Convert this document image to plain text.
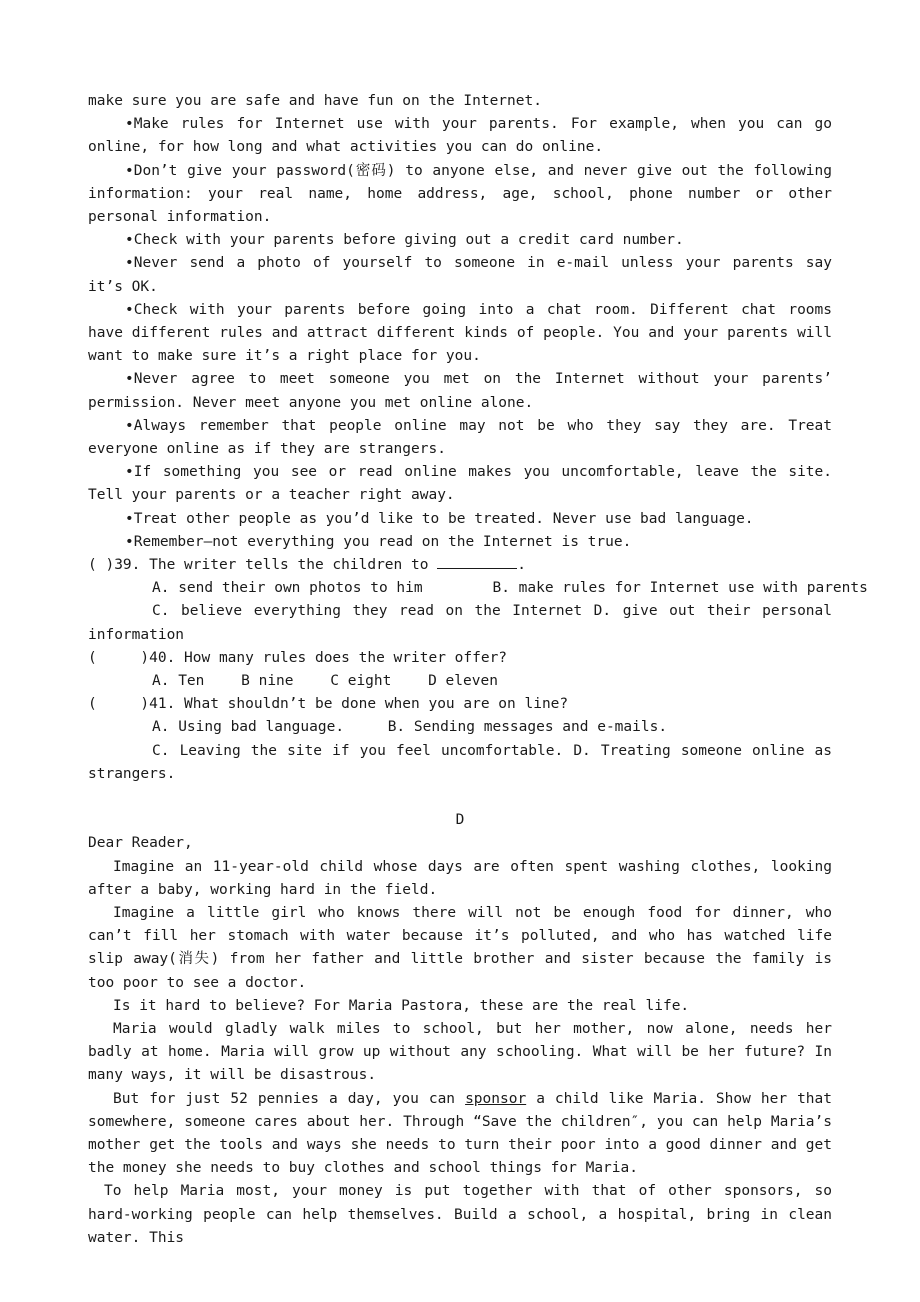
make sure you are safe and have fun on the Internet.

•Make rules for Internet use with your parents. For example, when you can go online, for how long and what activities you can do online.

•Don’t give your password(密码) to anyone else, and never give out the following information: your real name, home address, age, school, phone number or other personal information.

•Check with your parents before giving out a credit card number.

•Never send a photo of yourself to someone in e-mail unless your parents say it’s OK.

•Check with your parents before going into a chat room. Different chat rooms have different rules and attract different kinds of people. You and your parents will want to make sure it’s a right place for you.

•Never agree to meet someone you met on the Internet without your parents’ permission. Never meet anyone you met online alone.

•Always remember that people online may not be who they say they are. Treat everyone online as if they are strangers.

•If something you see or read online makes you uncomfortable, leave the site. Tell your parents or a teacher right away.

•Treat other people as you’d like to be treated. Never use bad language.

•Remember—not everything you read on the Internet is true.

( )39. The writer tells the children to	.

A. send their own photos to him        B. make rules for Internet use with parents

C. believe everything they read on the Internet D. give out their personal information

(     )40. How many rules does the writer offer?

A. Ten	B nine	C eight	D eleven

(     )41. What shouldn’t be done when you are on line?

A. Using bad language.     B. Sending messages and e-mails.

C. Leaving the site if you feel uncomfortable. D. Treating someone online as strangers.

D

Dear Reader,

Imagine an 11-year-old child whose days are often spent washing clothes, looking after a baby, working hard in the field.

Imagine a little girl who knows there will not be enough food for dinner, who can’t fill her stomach with water because it’s polluted, and who has watched life slip away(消失) from her father and little brother and sister because the family is too poor to see a doctor.

Is it hard to believe? For Maria Pastora, these are the real life.

Maria would gladly walk miles to school, but her mother, now alone, needs her badly at home. Maria will grow up without any schooling. What will be her future? In many ways, it will be disastrous.

But for just 52 pennies a day, you can sponsor a child like Maria. Show her that somewhere, someone cares about her. Through “Save the children″, you can help Maria’s mother get the tools and ways she needs to turn their poor into a good dinner and get the money she needs to buy clothes and school things for Maria.

To help Maria most, your money is put together with that of other sponsors, so hard-working people can help themselves. Build a school, a hospital, bring in clean water. This
